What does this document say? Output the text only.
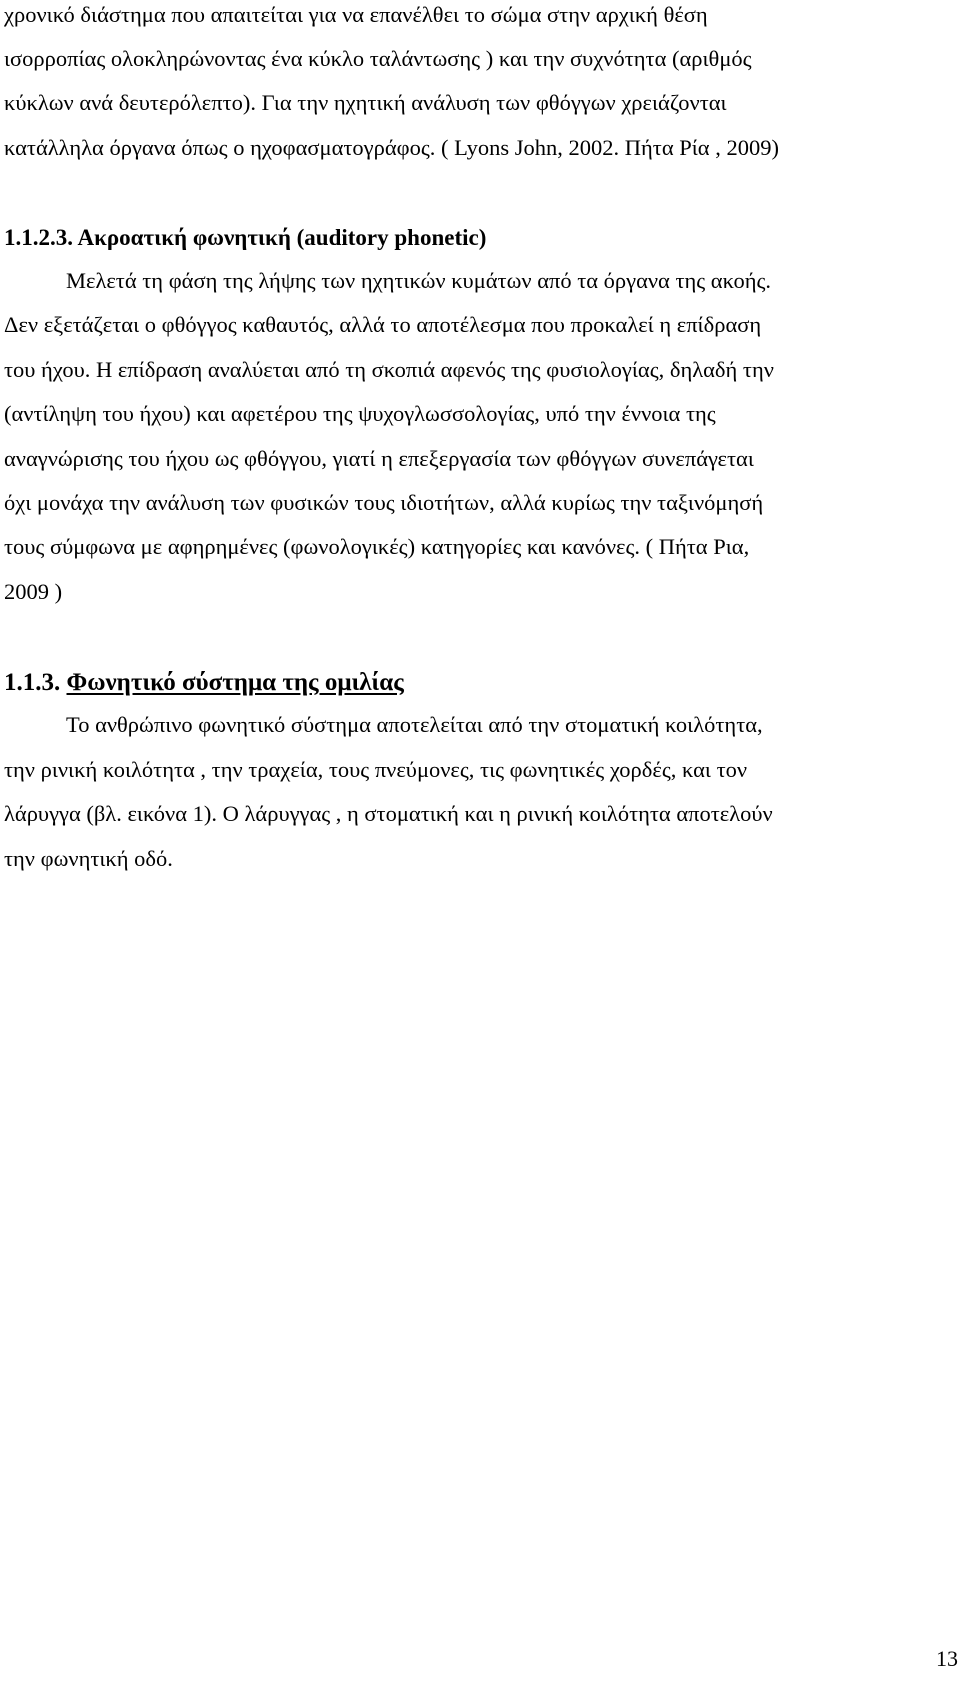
χρονικό διάστημα που απαιτείται για να επανέλθει το σώμα στην αρχική θέση
ισορροπίας ολοκληρώνοντας ένα κύκλο ταλάντωσης ) και την συχνότητα (αριθμός
κύκλων ανά δευτερόλεπτο). Για την ηχητική ανάλυση των φθόγγων χρειάζονται
κατάλληλα όργανα όπως ο ηχοφασματογράφος. ( Lyons John, 2002. Πήτα Ρία , 2009)
1.1.2.3. Ακροατική φωνητική (auditory phonetic)
Μελετά τη φάση της λήψης των ηχητικών κυμάτων από τα όργανα της ακοής.
Δεν εξετάζεται ο φθόγγος καθαυτός, αλλά το αποτέλεσμα που προκαλεί η επίδραση
του ήχου. Η επίδραση αναλύεται από τη σκοπιά αφενός της φυσιολογίας, δηλαδή την
(αντίληψη του ήχου) και αφετέρου της ψυχογλωσσολογίας, υπό την έννοια της
αναγνώρισης του ήχου ως φθόγγου, γιατί η επεξεργασία των φθόγγων συνεπάγεται
όχι μονάχα την ανάλυση των φυσικών τους ιδιοτήτων, αλλά κυρίως την ταξινόμησή
τους σύμφωνα με αφηρημένες (φωνολογικές) κατηγορίες και κανόνες. ( Πήτα Ρια,
2009 )
1.1.3. Φωνητικό σύστημα της ομιλίας
Το ανθρώπινο φωνητικό σύστημα αποτελείται από την στοματική κοιλότητα,
την ρινική κοιλότητα , την τραχεία, τους πνεύμονες, τις φωνητικές χορδές, και τον
λάρυγγα (βλ. εικόνα 1). Ο λάρυγγας , η στοματική και η ρινική κοιλότητα αποτελούν
την φωνητική οδό.
13
